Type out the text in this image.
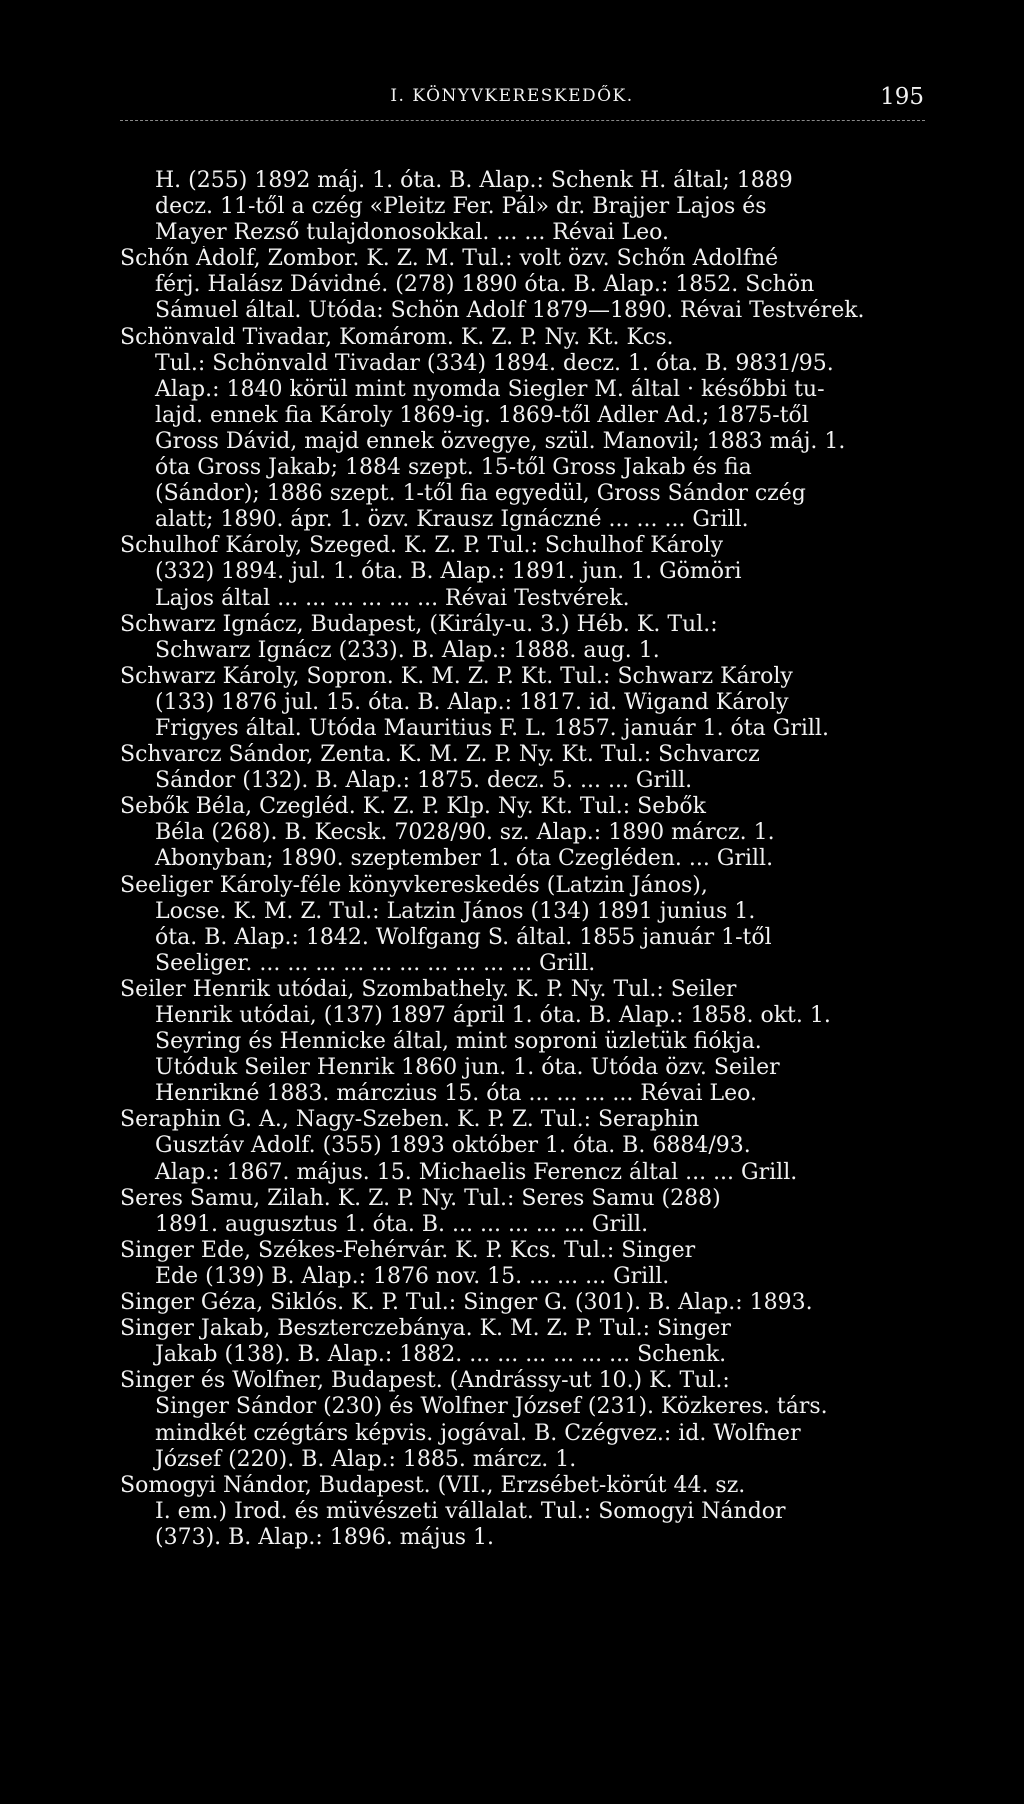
I. KÖNYVKERESKEDŐK.	195
H. (255) 1892 máj. 1. óta. B. Alap.: Schenk H. által; 1889
decz. 11-től a czég «Pleitz Fer. Pál» dr. Brajjer Lajos és
Mayer Rezső tulajdonosokkal. ... ... Révai Leo.
Schőn Ádolf, Zombor. K. Z. M. Tul.: volt özv. Schőn Adolfné
férj. Halász Dávidné. (278) 1890 óta. B. Alap.: 1852. Schön
Sámuel által. Utóda: Schön Adolf 1879—1890. Révai Testvérek.
Schönvald Tivadar, Komárom. K. Z. P. Ny. Kt. Kcs.
Tul.: Schönvald Tivadar (334) 1894. decz. 1. óta. B. 9831/95.
Alap.: 1840 körül mint nyomda Siegler M. által · későbbi tu-
lajd. ennek fia Károly 1869-ig. 1869-től Adler Ad.; 1875-től
Gross Dávid, majd ennek özvegye, szül. Manovil; 1883 máj. 1.
óta Gross Jakab; 1884 szept. 15-től Gross Jakab és fia
(Sándor); 1886 szept. 1-től fia egyedül, Gross Sándor czég
alatt; 1890. ápr. 1. özv. Krausz Ignáczné ... ... ... Grill.
Schulhof Károly, Szeged. K. Z. P. Tul.: Schulhof Károly
(332) 1894. jul. 1. óta. B. Alap.: 1891. jun. 1. Gömöri
Lajos által ... ... ... ... ... ... Révai Testvérek.
Schwarz Ignácz, Budapest, (Király-u. 3.) Héb. K. Tul.:
Schwarz Ignácz (233). B. Alap.: 1888. aug. 1.
Schwarz Károly, Sopron. K. M. Z. P. Kt. Tul.: Schwarz Károly
(133) 1876 jul. 15. óta. B. Alap.: 1817. id. Wigand Károly
Frigyes által. Utóda Mauritius F. L. 1857. január 1. óta Grill.
Schvarcz Sándor, Zenta. K. M. Z. P. Ny. Kt. Tul.: Schvarcz
Sándor (132). B. Alap.: 1875. decz. 5. ... ... Grill.
Sebők Béla, Czegléd. K. Z. P. Klp. Ny. Kt. Tul.: Sebők
Béla (268). B. Kecsk. 7028/90. sz. Alap.: 1890 márcz. 1.
Abonyban; 1890. szeptember 1. óta Czegléden. ... Grill.
Seeliger Károly-féle könyvkereskedés (Latzin János),
Locse. K. M. Z. Tul.: Latzin János (134) 1891 junius 1.
óta. B. Alap.: 1842. Wolfgang S. által. 1855 január 1-től
Seeliger. ... ... ... ... ... ... ... ... ... ... Grill.
Seiler Henrik utódai, Szombathely. K. P. Ny. Tul.: Seiler
Henrik utódai, (137) 1897 ápril 1. óta. B. Alap.: 1858. okt. 1.
Seyring és Hennicke által, mint soproni üzletük fiókja.
Utóduk Seiler Henrik 1860 jun. 1. óta. Utóda özv. Seiler
Henrikné 1883. márczius 15. óta ... ... ... ... Révai Leo.
Seraphin G. A., Nagy-Szeben. K. P. Z. Tul.: Seraphin
Gusztáv Adolf. (355) 1893 október 1. óta. B. 6884/93.
Alap.: 1867. május. 15. Michaelis Ferencz által ... ... Grill.
Seres Samu, Zilah. K. Z. P. Ny. Tul.: Seres Samu (288)
1891. augusztus 1. óta. B. ... ... ... ... ... Grill.
Singer Ede, Székes-Fehérvár. K. P. Kcs. Tul.: Singer
Ede (139) B. Alap.: 1876 nov. 15. ... ... ... Grill.
Singer Géza, Siklós. K. P. Tul.: Singer G. (301). B. Alap.: 1893.
Singer Jakab, Beszterczebánya. K. M. Z. P. Tul.: Singer
Jakab (138). B. Alap.: 1882. ... ... ... ... ... ... Schenk.
Singer és Wolfner, Budapest. (Andrássy-ut 10.) K. Tul.:
Singer Sándor (230) és Wolfner József (231). Közkeres. társ.
mindkét czégtárs képvis. jogával. B. Czégvez.: id. Wolfner
József (220). B. Alap.: 1885. márcz. 1.
Somogyi Nándor, Budapest. (VII., Erzsébet-körút 44. sz.
I. em.) Irod. és müvészeti vállalat. Tul.: Somogyi Nándor
(373). B. Alap.: 1896. május 1.
